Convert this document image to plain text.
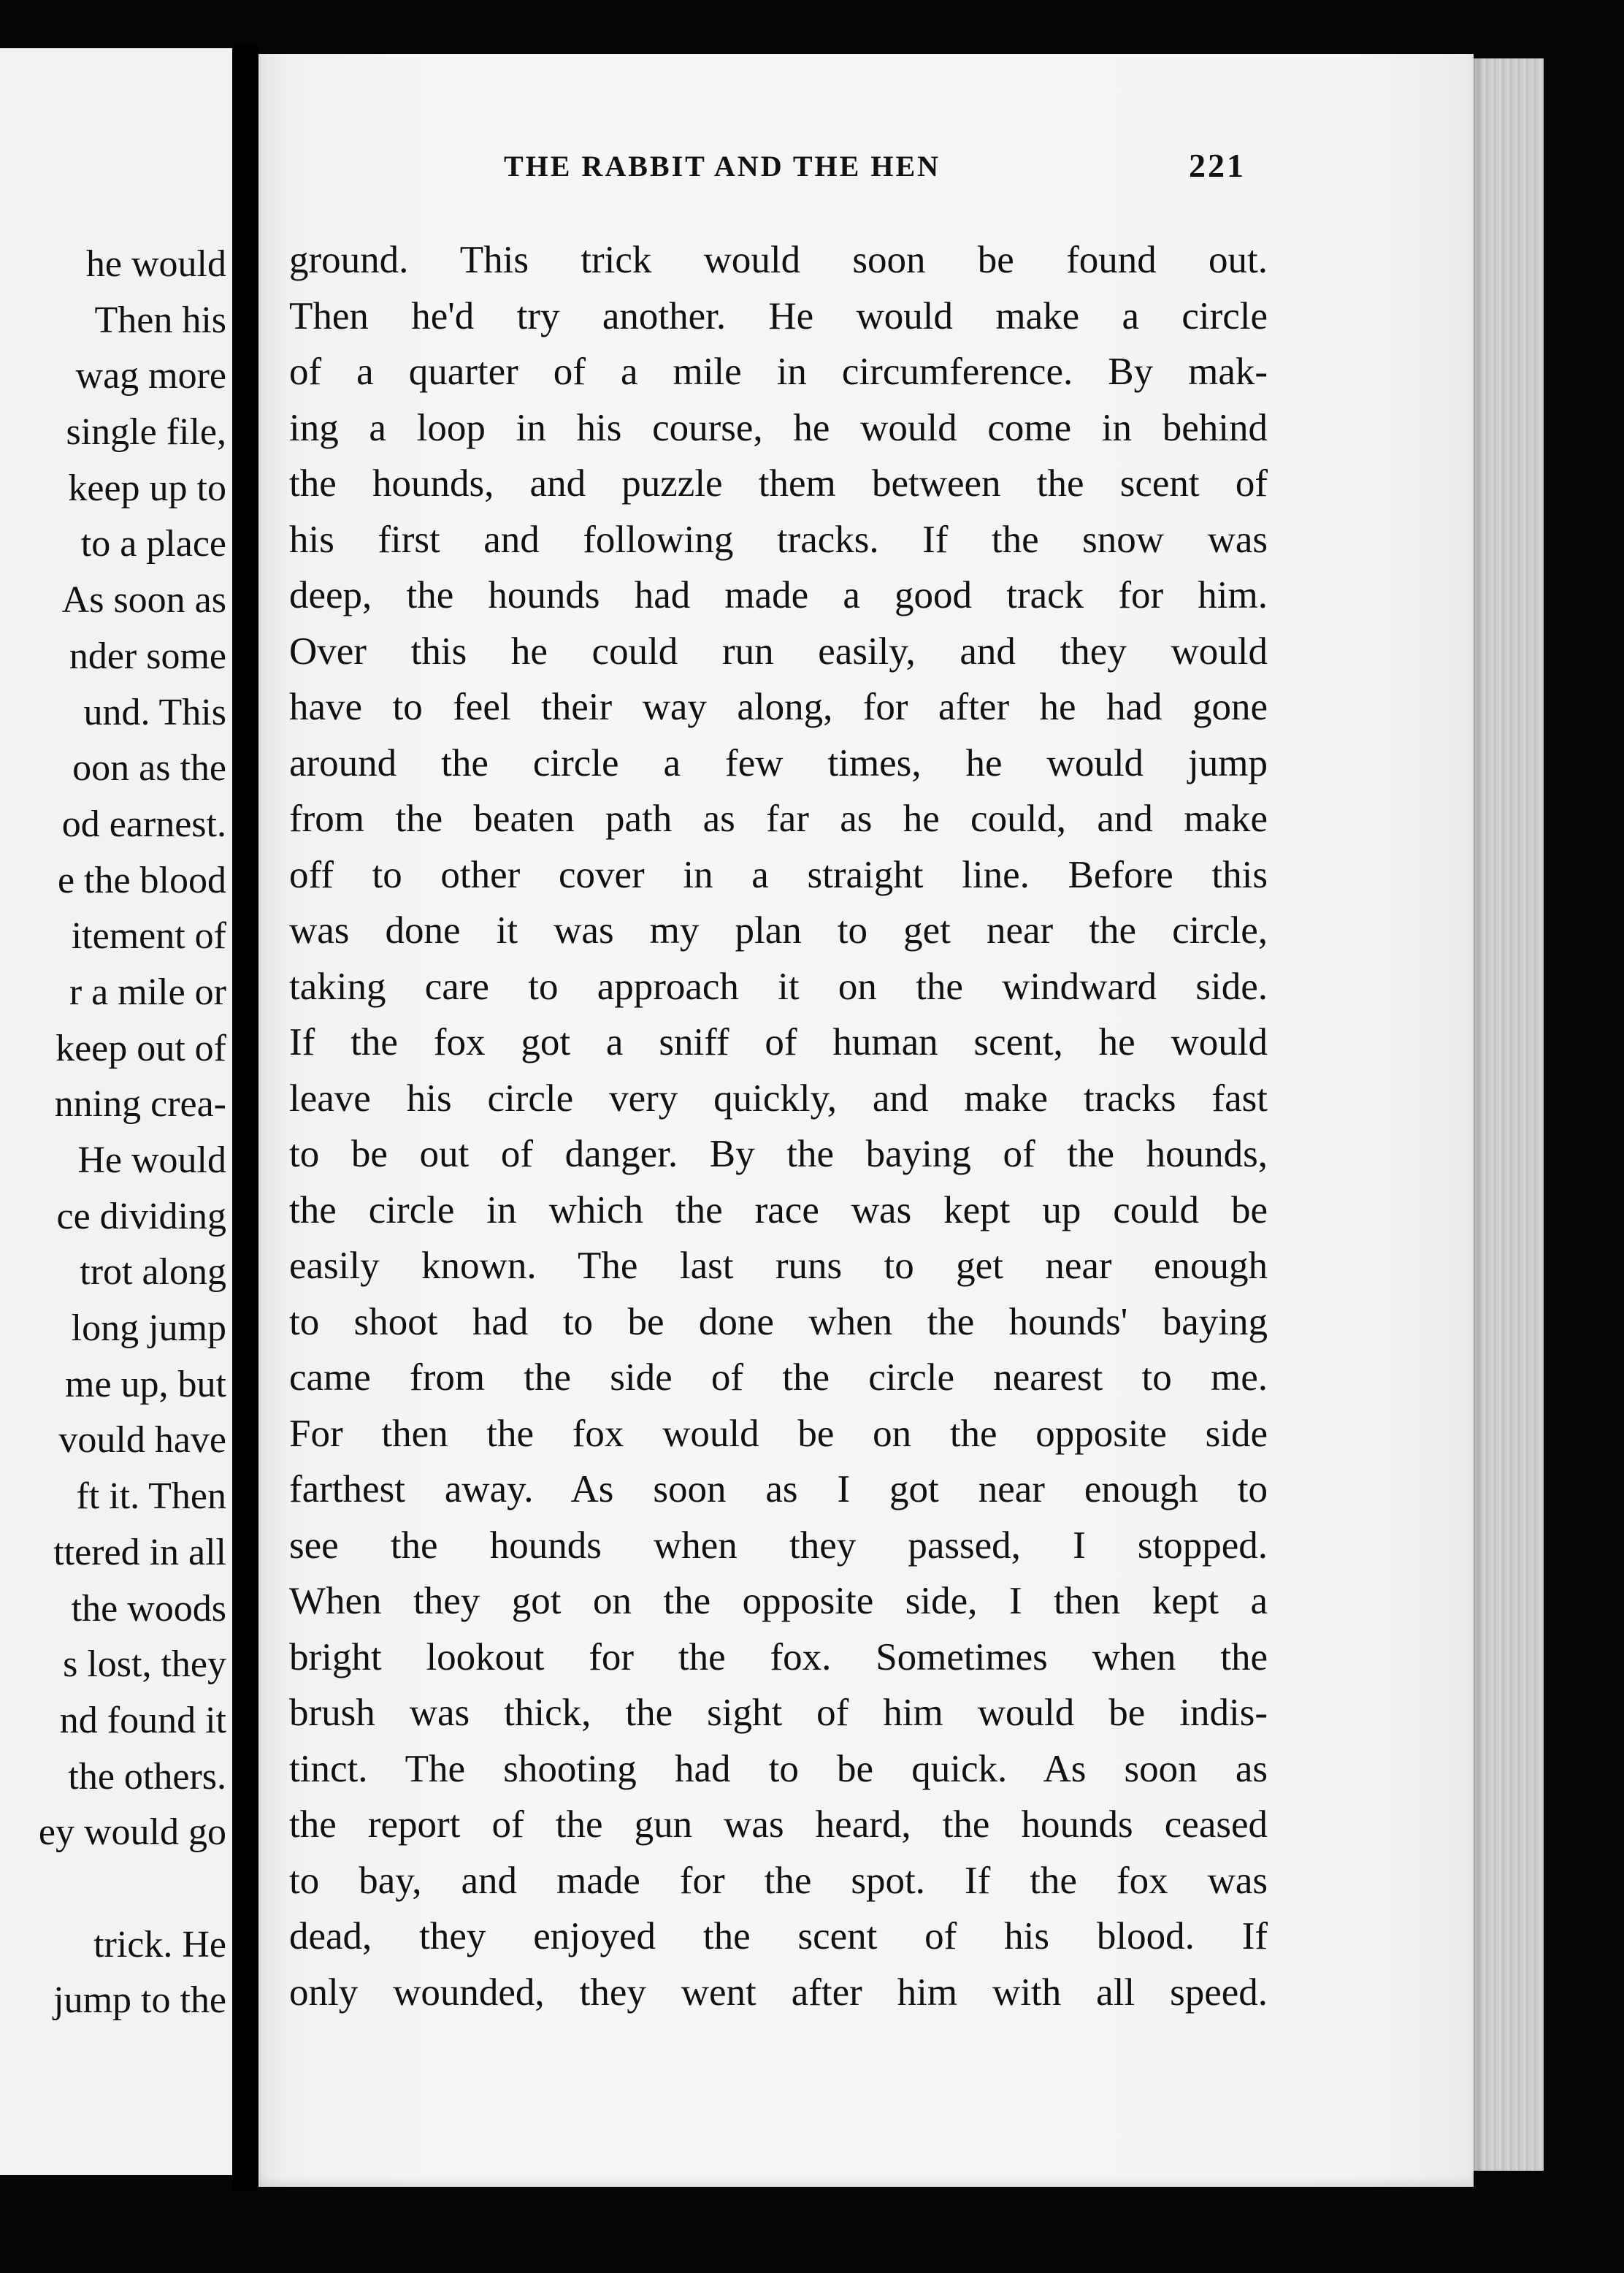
he would
Then his
wag more
single file,
keep up to
to a place
As soon as
nder some
und. This
oon as the
od earnest.
e the blood
itement of
r a mile or
keep out of
nning crea-
He would
ce dividing
trot along
long jump
me up, but
vould have
ft it. Then
ttered in all
the woods
s lost, they
nd found it
the others.
ey would go
trick. He
jump to the
THE RABBIT AND THE HEN	221
ground. This trick would soon be found out.
Then he'd try another. He would make a circle
of a quarter of a mile in circumference. By mak-
ing a loop in his course, he would come in behind
the hounds, and puzzle them between the scent of
his first and following tracks. If the snow was
deep, the hounds had made a good track for him.
Over this he could run easily, and they would
have to feel their way along, for after he had gone
around the circle a few times, he would jump
from the beaten path as far as he could, and make
off to other cover in a straight line. Before this
was done it was my plan to get near the circle,
taking care to approach it on the windward side.
If the fox got a sniff of human scent, he would
leave his circle very quickly, and make tracks fast
to be out of danger. By the baying of the hounds,
the circle in which the race was kept up could be
easily known. The last runs to get near enough
to shoot had to be done when the hounds' baying
came from the side of the circle nearest to me.
For then the fox would be on the opposite side
farthest away. As soon as I got near enough to
see the hounds when they passed, I stopped.
When they got on the opposite side, I then kept a
bright lookout for the fox. Sometimes when the
brush was thick, the sight of him would be indis-
tinct. The shooting had to be quick. As soon as
the report of the gun was heard, the hounds ceased
to bay, and made for the spot. If the fox was
dead, they enjoyed the scent of his blood. If
only wounded, they went after him with all speed.
